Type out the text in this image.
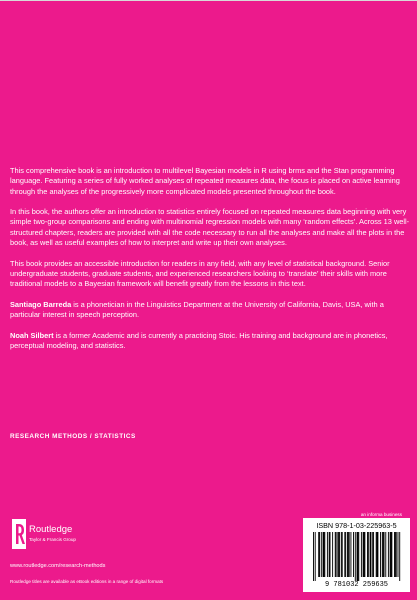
This comprehensive book is an introduction to multilevel Bayesian models in R using brms and the Stan programming language. Featuring a series of fully worked analyses of repeated measures data, the focus is placed on active learning through the analyses of the progressively more complicated models presented throughout the book.

In this book, the authors offer an introduction to statistics entirely focused on repeated measures data beginning with very simple two-group comparisons and ending with multinomial regression models with many ‘random effects’. Across 13 well-structured chapters, readers are provided with all the code necessary to run all the analyses and make all the plots in the book, as well as useful examples of how to interpret and write up their own analyses.

This book provides an accessible introduction for readers in any field, with any level of statistical background. Senior undergraduate students, graduate students, and experienced researchers looking to ‘translate’ their skills with more traditional models to a Bayesian framework will benefit greatly from the lessons in this text.

Santiago Barreda is a phonetician in the Linguistics Department at the University of California, Davis, USA, with a particular interest in speech perception.

Noah Silbert is a former Academic and is currently a practicing Stoic. His training and background are in phonetics, perceptual modeling, and statistics.

RESEARCH METHODS / STATISTICS
Routledge
Taylor & Francis Group
www.routledge.com/research-methods
Routledge titles are available as eBook editions in a range of digital formats
an informa business
ISBN 978-1-03-225963-5
9 781032 259635
